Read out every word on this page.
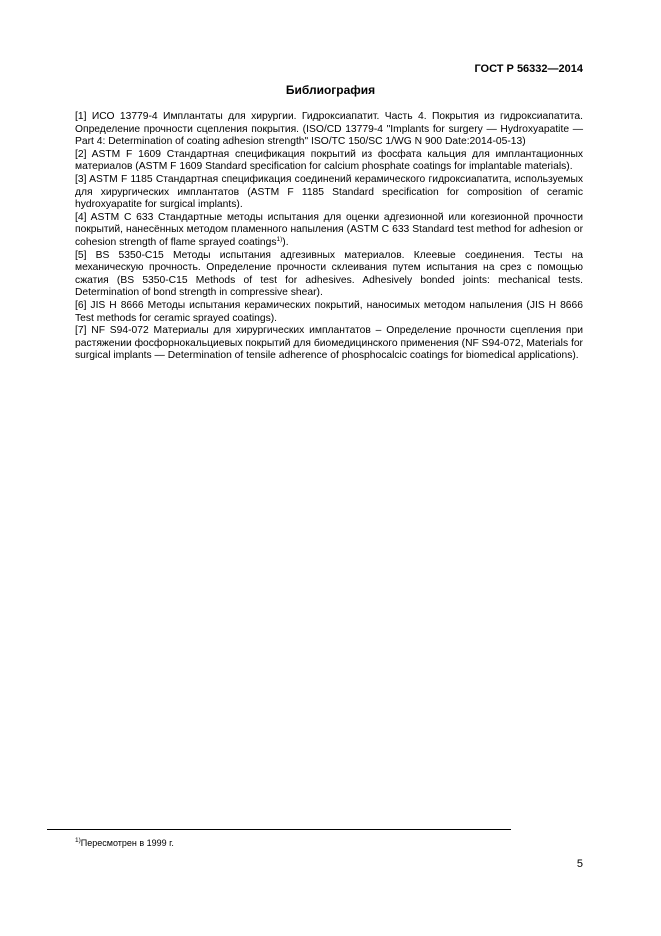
ГОСТ Р 56332—2014
Библиография
[1] ИСО 13779-4 Имплантаты для хирургии. Гидроксиапатит. Часть 4. Покрытия из гидроксиапатита. Определение прочности сцепления покрытия. (ISO/CD 13779-4 "Implants for surgery — Hydroxyapatite — Part 4: Determination of coating adhesion strength" ISO/TC 150/SC 1/WG N 900 Date:2014-05-13)
[2] ASTM F 1609 Стандартная спецификация покрытий из фосфата кальция для имплантационных материалов (ASTM F 1609 Standard specification for calcium phosphate coatings for implantable materials).
[3] ASTM F 1185 Стандартная спецификация соединений керамического гидроксиапатита, используемых для хирургических имплантатов (ASTM F 1185 Standard specification for composition of ceramic hydroxyapatite for surgical implants).
[4] ASTM C 633 Стандартные методы испытания для оценки адгезионной или когезионной прочности покрытий, нанесённых методом пламенного напыления (ASTM C 633 Standard test method for adhesion or cohesion strength of flame sprayed coatings$^{1)}$).
[5] BS 5350-C15 Методы испытания адгезивных материалов. Клеевые соединения. Тесты на механическую прочность. Определение прочности склеивания путем испытания на срез с помощью сжатия (BS 5350-C15 Methods of test for adhesives. Adhesively bonded joints: mechanical tests. Determination of bond strength in compressive shear).
[6] JIS H 8666 Методы испытания керамических покрытий, наносимых методом напыления (JIS H 8666 Test methods for ceramic sprayed coatings).
[7] NF S94-072 Материалы для хирургических имплантатов – Определение прочности сцепления при растяжении фосфорнокальциевых покрытий для биомедицинского применения (NF S94-072, Materials for surgical implants — Determination of tensile adherence of phosphocalcic coatings for biomedical applications).
$^{1)}$Пересмотрен в 1999 г.
5
